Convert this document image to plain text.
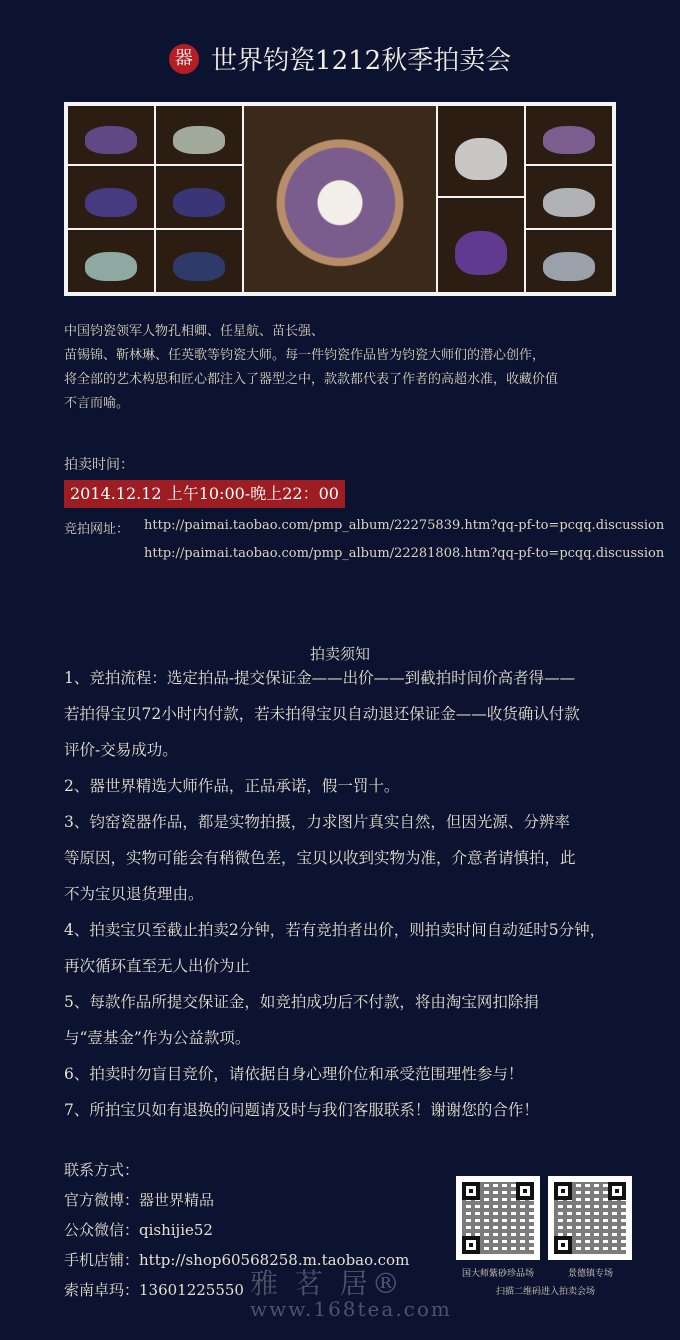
器 世界钧瓷1212秋季拍卖会
中国钧瓷领军人物孔相卿、任星航、苗长强、
苗锡锦、靳林琳、任英歌等钧瓷大师。每一件钧瓷作品皆为钧瓷大师们的潜心创作，
将全部的艺术构思和匠心都注入了器型之中，款款都代表了作者的高超水准，收藏价值
不言而喻。
拍卖时间：
2014.12.12 上午10:00-晚上22：00
竞拍网址： http://paimai.taobao.com/pmp_album/22275839.htm?qq-pf-to=pcqq.discussion
http://paimai.taobao.com/pmp_album/22281808.htm?qq-pf-to=pcqq.discussion
拍卖须知

1、竞拍流程：选定拍品-提交保证金——出价——到截拍时间价高者得——

若拍得宝贝72小时内付款，若未拍得宝贝自动退还保证金——收货确认付款

评价-交易成功。

2、器世界精选大师作品，正品承诺，假一罚十。

3、钧窑瓷器作品，都是实物拍摄，力求图片真实自然，但因光源、分辨率

等原因，实物可能会有稍微色差，宝贝以收到实物为准，介意者请慎拍，此

不为宝贝退货理由。

4、拍卖宝贝至截止拍卖2分钟，若有竞拍者出价，则拍卖时间自动延时5分钟，

再次循环直至无人出价为止

5、每款作品所提交保证金，如竞拍成功后不付款，将由淘宝网扣除捐

与“壹基金”作为公益款项。

6、拍卖时勿盲目竞价，请依据自身心理价位和承受范围理性参与！

7、所拍宝贝如有退换的问题请及时与我们客服联系！谢谢您的合作！

联系方式：

官方微博：器世界精品

公众微信：qishijie52

手机店铺：http://shop60568258.m.taobao.com

索南卓玛：13601225550

国大师紫砂珍品场	景德镇专场
扫描二维码进入拍卖会场
雅 茗 居®
www.168tea.com
